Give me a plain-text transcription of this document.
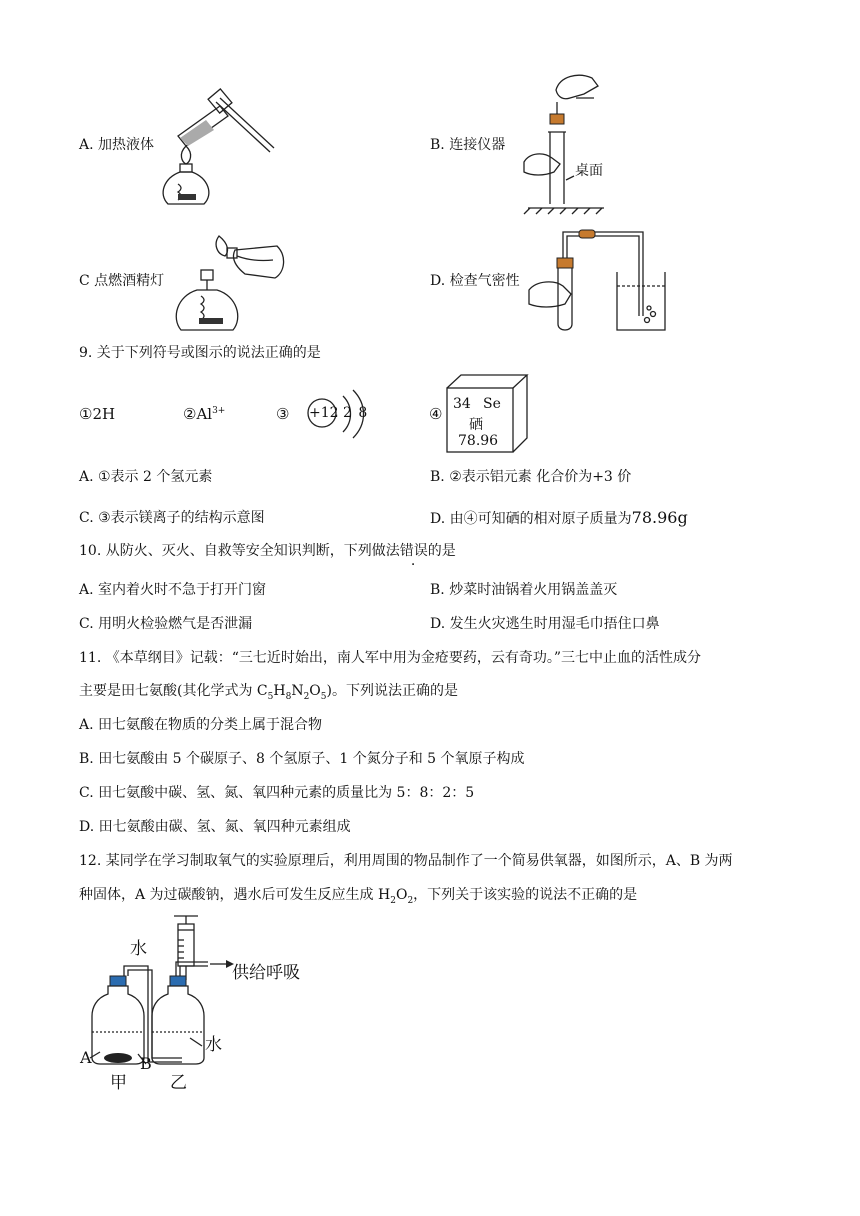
A. 加热液体	B. 连接仪器
桌面
C 点燃酒精灯	D. 检查气密性
9. 关于下列符号或图示的说法正确的是
①2H	$②Al^{3+}$	③ +12 2 8	④
34 Se
硒
78.96
A. ①表示 2 个氢元素	B. ②表示铝元素 化合价为+3 价
C. ③表示镁离子的结构示意图	D. 由④可知硒的相对原子质量为78.96g
10. 从防火、灭火、自救等安全知识判断，下列做法错误的是
A. 室内着火时不急于打开门窗	B. 炒菜时油锅着火用锅盖盖灭
C. 用明火检验燃气是否泄漏	D. 发生火灾逃生时用湿毛巾捂住口鼻
11. 《本草纲目》记载：“三七近时始出，南人军中用为金疮要药，云有奇功。”三七中止血的活性成分
主要是田七氨酸(其化学式为 $C_5H_8N_2O_5$)。下列说法正确的是
A. 田七氨酸在物质的分类上属于混合物
B. 田七氨酸由 5 个碳原子、8 个氢原子、1 个氮分子和 5 个氧原子构成
C. 田七氨酸中碳、氢、氮、氧四种元素的质量比为 5：8：2：5
D. 田七氨酸由碳、氢、氮、氧四种元素组成
12. 某同学在学习制取氧气的实验原理后，利用周围的物品制作了一个简易供氧器，如图所示，A、B 为两
种固体，A 为过碳酸钠，遇水后可发生反应生成 $H_2O_2$，下列关于该实验的说法不正确的是
水
供给呼吸
水
A	B
甲	乙
